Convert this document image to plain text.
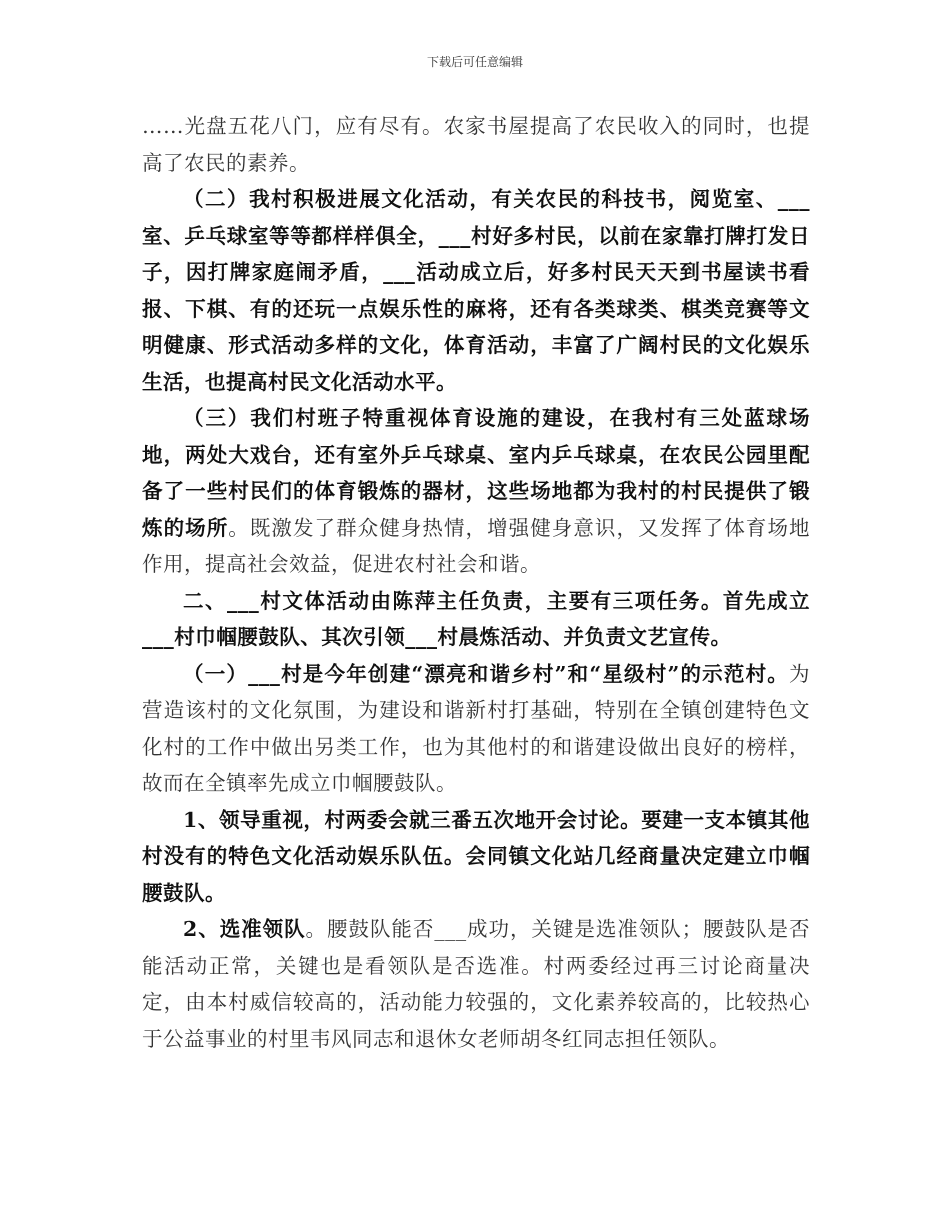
下载后可任意编辑

……光盘五花八门，应有尽有。农家书屋提高了农民收入的同时，也提高了农民的素养。

（二）我村积极进展文化活动，有关农民的科技书，阅览室、___室、乒乓球室等等都样样俱全，___村好多村民，以前在家靠打牌打发日子，因打牌家庭闹矛盾，___活动成立后，好多村民天天到书屋读书看报、下棋、有的还玩一点娱乐性的麻将，还有各类球类、棋类竞赛等文明健康、形式活动多样的文化，体育活动，丰富了广阔村民的文化娱乐生活，也提高村民文化活动水平。

（三）我们村班子特重视体育设施的建设，在我村有三处蓝球场地，两处大戏台，还有室外乒乓球桌、室内乒乓球桌，在农民公园里配备了一些村民们的体育锻炼的器材，这些场地都为我村的村民提供了锻炼的场所。既激发了群众健身热情，增强健身意识，又发挥了体育场地作用，提高社会效益，促进农村社会和谐。

二、___村文体活动由陈萍主任负责，主要有三项任务。首先成立___村巾帼腰鼓队、其次引领___村晨炼活动、并负责文艺宣传。

（一）___村是今年创建“漂亮和谐乡村”和“星级村”的示范村。为营造该村的文化氛围，为建设和谐新村打基础，特别在全镇创建特色文化村的工作中做出另类工作，也为其他村的和谐建设做出良好的榜样，故而在全镇率先成立巾帼腰鼓队。

1、领导重视，村两委会就三番五次地开会讨论。要建一支本镇其他村没有的特色文化活动娱乐队伍。会同镇文化站几经商量决定建立巾帼腰鼓队。

2、选准领队。腰鼓队能否___成功，关键是选准领队；腰鼓队是否能活动正常，关键也是看领队是否选准。村两委经过再三讨论商量决定，由本村威信较高的，活动能力较强的，文化素养较高的，比较热心于公益事业的村里韦风同志和退休女老师胡冬红同志担任领队。
